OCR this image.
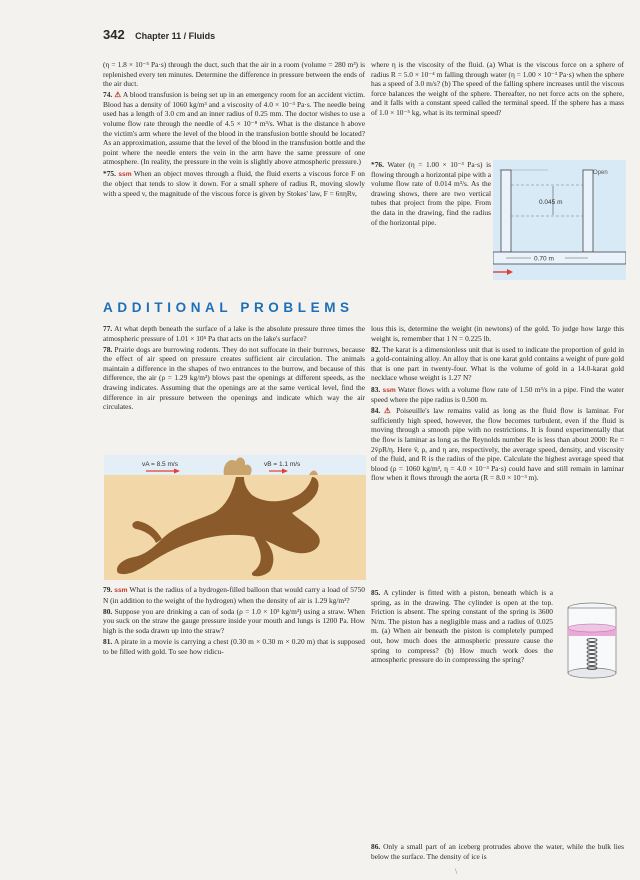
342 Chapter 11 / Fluids

(η = 1.8 × 10⁻⁵ Pa·s) through the duct, such that the air in a room (volume = 280 m³) is replenished every ten minutes. Determine the difference in pressure between the ends of the air duct.

74. ⚠ A blood transfusion is being set up in an emergency room for an accident victim. Blood has a density of 1060 kg/m³ and a viscosity of 4.0 × 10⁻³ Pa·s. The needle being used has a length of 3.0 cm and an inner radius of 0.25 mm. The doctor wishes to use a volume flow rate through the needle of 4.5 × 10⁻⁸ m³/s. What is the distance h above the victim's arm where the level of the blood in the transfusion bottle should be located? As an approximation, assume that the level of the blood in the transfusion bottle and the point where the needle enters the vein in the arm have the same pressure of one atmosphere. (In reality, the pressure in the vein is slightly above atmospheric pressure.)

*75. ssm When an object moves through a fluid, the fluid exerts a viscous force F on the object that tends to slow it down. For a small sphere of radius R, moving slowly with a speed v, the magnitude of the viscous force is given by Stokes' law, F = 6πηRv,

where η is the viscosity of the fluid. (a) What is the viscous force on a sphere of radius R = 5.0 × 10⁻⁴ m falling through water (η = 1.00 × 10⁻³ Pa·s) when the sphere has a speed of 3.0 m/s? (b) The speed of the falling sphere increases until the viscous force balances the weight of the sphere. Thereafter, no net force acts on the sphere, and it falls with a constant speed called the terminal speed. If the sphere has a mass of 1.0 × 10⁻⁵ kg, what is its terminal speed?

*76. Water (η = 1.00 × 10⁻³ Pa·s) is flowing through a horizontal pipe with a volume flow rate of 0.014 m³/s. As the drawing shows, there are two vertical tubes that project from the pipe. From the data in the drawing, find the radius of the horizontal pipe.

Open
0.045 m
0.70 m
ADDITIONAL PROBLEMS

77. At what depth beneath the surface of a lake is the absolute pressure three times the atmospheric pressure of 1.01 × 10⁵ Pa that acts on the lake's surface?

78. Prairie dogs are burrowing rodents. They do not suffocate in their burrows, because the effect of air speed on pressure creates sufficient air circulation. The animals maintain a difference in the shapes of two entrances to the burrow, and because of this difference, the air (ρ = 1.29 kg/m³) blows past the openings at different speeds, as the drawing indicates. Assuming that the openings are at the same vertical level, find the difference in air pressure between the openings and indicate which way the air circulates.

vA = 8.5 m/s	vB = 1.1 m/s

79. ssm What is the radius of a hydrogen-filled balloon that would carry a load of 5750 N (in addition to the weight of the hydrogen) when the density of air is 1.29 kg/m³?

80. Suppose you are drinking a can of soda (ρ = 1.0 × 10³ kg/m³) using a straw. When you suck on the straw the gauge pressure inside your mouth and lungs is 1200 Pa. How high is the soda drawn up into the straw?

81. A pirate in a movie is carrying a chest (0.30 m × 0.30 m × 0.20 m) that is supposed to be filled with gold. To see how ridicu-

lous this is, determine the weight (in newtons) of the gold. To judge how large this weight is, remember that 1 N = 0.225 lb.

82. The karat is a dimensionless unit that is used to indicate the proportion of gold in a gold-containing alloy. An alloy that is one karat gold contains a weight of pure gold that is one part in twenty-four. What is the volume of gold in a 14.0-karat gold necklace whose weight is 1.27 N?

83. ssm Water flows with a volume flow rate of 1.50 m³/s in a pipe. Find the water speed where the pipe radius is 0.500 m.

84. ⚠ Poiseuille's law remains valid as long as the fluid flow is laminar. For sufficiently high speed, however, the flow becomes turbulent, even if the fluid is moving through a smooth pipe with no restrictions. It is found experimentally that the flow is laminar as long as the Reynolds number Re is less than about 2000: Re = 2v̄ρR/η. Here v̄, ρ, and η are, respectively, the average speed, density, and viscosity of the fluid, and R is the radius of the pipe. Calculate the highest average speed that blood (ρ = 1060 kg/m³, η = 4.0 × 10⁻³ Pa·s) could have and still remain in laminar flow when it flows through the aorta (R = 8.0 × 10⁻³ m).

85. A cylinder is fitted with a piston, beneath which is a spring, as in the drawing. The cylinder is open at the top. Friction is absent. The spring constant of the spring is 3600 N/m. The piston has a negligible mass and a radius of 0.025 m. (a) When air beneath the piston is completely pumped out, how much does the atmospheric pressure cause the spring to compress? (b) How much work does the atmospheric pressure do in compressing the spring?

86. Only a small part of an iceberg protrudes above the water, while the bulk lies below the surface. The density of ice is

\
